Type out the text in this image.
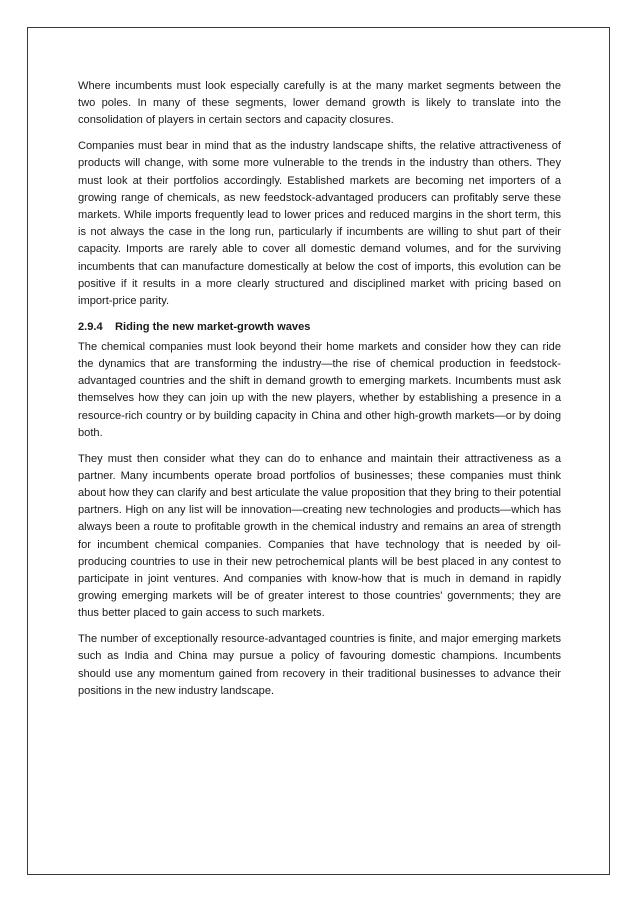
Where incumbents must look especially carefully is at the many market segments between the two poles. In many of these segments, lower demand growth is likely to translate into the consolidation of players in certain sectors and capacity closures.

Companies must bear in mind that as the industry landscape shifts, the relative attractiveness of products will change, with some more vulnerable to the trends in the industry than others. They must look at their portfolios accordingly. Established markets are becoming net importers of a growing range of chemicals, as new feedstock-advantaged producers can profitably serve these markets. While imports frequently lead to lower prices and reduced margins in the short term, this is not always the case in the long run, particularly if incumbents are willing to shut part of their capacity. Imports are rarely able to cover all domestic demand volumes, and for the surviving incumbents that can manufacture domestically at below the cost of imports, this evolution can be positive if it results in a more clearly structured and disciplined market with pricing based on import-price parity.

2.9.4 Riding the new market-growth waves

The chemical companies must look beyond their home markets and consider how they can ride the dynamics that are transforming the industry—the rise of chemical production in feedstock-advantaged countries and the shift in demand growth to emerging markets. Incumbents must ask themselves how they can join up with the new players, whether by establishing a presence in a resource-rich country or by building capacity in China and other high-growth markets—or by doing both.

They must then consider what they can do to enhance and maintain their attractiveness as a partner. Many incumbents operate broad portfolios of businesses; these companies must think about how they can clarify and best articulate the value proposition that they bring to their potential partners. High on any list will be innovation—creating new technologies and products—which has always been a route to profitable growth in the chemical industry and remains an area of strength for incumbent chemical companies. Companies that have technology that is needed by oil-producing countries to use in their new petrochemical plants will be best placed in any contest to participate in joint ventures. And companies with know-how that is much in demand in rapidly growing emerging markets will be of greater interest to those countries' governments; they are thus better placed to gain access to such markets.

The number of exceptionally resource-advantaged countries is finite, and major emerging markets such as India and China may pursue a policy of favouring domestic champions. Incumbents should use any momentum gained from recovery in their traditional businesses to advance their positions in the new industry landscape.
